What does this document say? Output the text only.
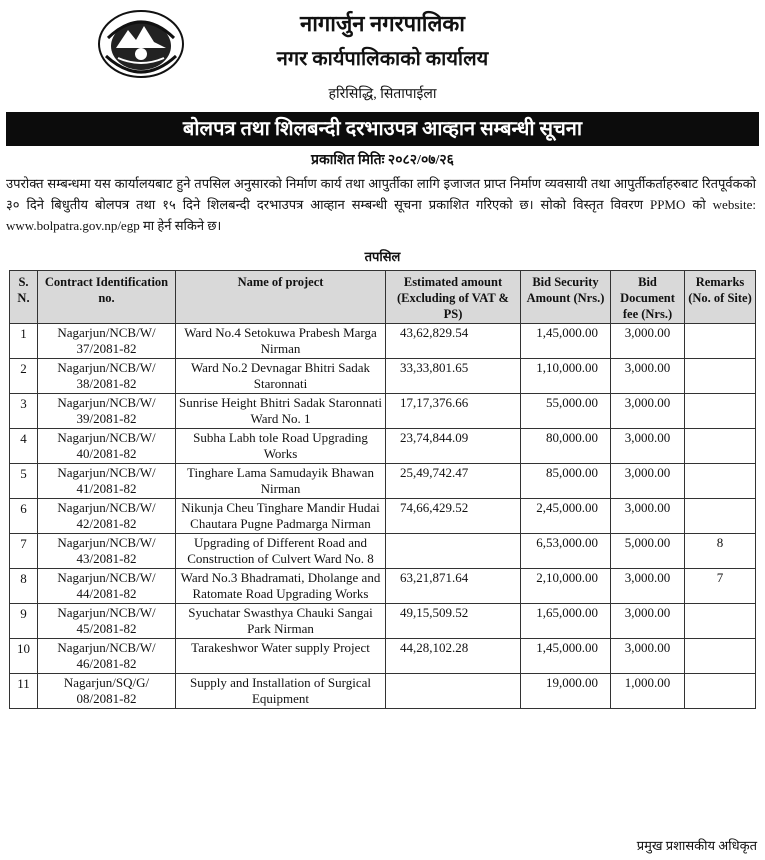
नागार्जुन नगरपालिका
नगर कार्यपालिकाको कार्यालय
हरिसिद्धि, सितापाईला
बोलपत्र तथा शिलबन्दी दरभाउपत्र आव्हान सम्बन्धी सूचना
प्रकाशित मितिः २०८२/०७/२६
उपरोक्त सम्बन्धमा यस कार्यालयबाट हुने तपसिल अनुसारको निर्माण कार्य तथा आपुर्तीका लागि इजाजत प्राप्त निर्माण व्यवसायी तथा आपुर्तीकर्ताहरुबाट रितपूर्वकको ३० दिने बिधुतीय बोलपत्र तथा १५ दिने शिलबन्दी दरभाउपत्र आव्हान सम्बन्धी सूचना प्रकाशित गरिएको छ। सोको विस्तृत विवरण PPMO को website: www.bolpatra.gov.np/egp मा हेर्न सकिने छ।
तपसिल
S. N.	Contract Identification no.	Name of project	Estimated amount (Excluding of VAT & PS)	Bid Security Amount (Nrs.)	Bid Document fee (Nrs.)	Remarks (No. of Site)
1	Nagarjun/NCB/W/ 37/2081-82	Ward No.4 Setokuwa Prabesh Marga Nirman	43,62,829.54	1,45,000.00	3,000.00	
2	Nagarjun/NCB/W/ 38/2081-82	Ward No.2 Devnagar Bhitri Sadak Staronnati	33,33,801.65	1,10,000.00	3,000.00	
3	Nagarjun/NCB/W/ 39/2081-82	Sunrise Height Bhitri Sadak Staronnati Ward No. 1	17,17,376.66	55,000.00	3,000.00	
4	Nagarjun/NCB/W/ 40/2081-82	Subha Labh tole Road Upgrading Works	23,74,844.09	80,000.00	3,000.00	
5	Nagarjun/NCB/W/ 41/2081-82	Tinghare Lama Samudayik Bhawan Nirman	25,49,742.47	85,000.00	3,000.00	
6	Nagarjun/NCB/W/ 42/2081-82	Nikunja Cheu Tinghare Mandir Hudai Chautara Pugne Padmarga Nirman	74,66,429.52	2,45,000.00	3,000.00	
7	Nagarjun/NCB/W/ 43/2081-82	Upgrading of Different Road and Construction of Culvert Ward No. 8		6,53,000.00	5,000.00	8
8	Nagarjun/NCB/W/ 44/2081-82	Ward No.3 Bhadramati, Dholange and Ratomate Road Upgrading Works	63,21,871.64	2,10,000.00	3,000.00	7
9	Nagarjun/NCB/W/ 45/2081-82	Syuchatar Swasthya Chauki Sangai Park Nirman	49,15,509.52	1,65,000.00	3,000.00	
10	Nagarjun/NCB/W/ 46/2081-82	Tarakeshwor Water supply Project	44,28,102.28	1,45,000.00	3,000.00	
11	Nagarjun/SQ/G/ 08/2081-82	Supply and Installation of Surgical Equipment		19,000.00	1,000.00	
प्रमुख प्रशासकीय अधिकृत
